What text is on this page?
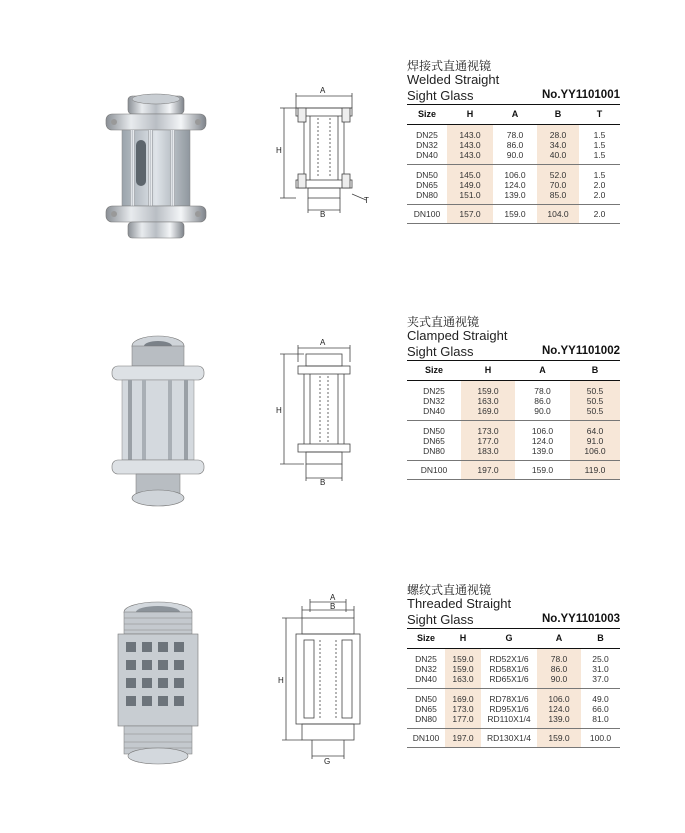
A
H
B
T
焊接式直通视镜
Welded Straight
Sight Glass	No.YY1101001
Size	H	A	B	T
DN25	143.0	78.0	28.0	1.5
DN32	143.0	86.0	34.0	1.5
DN40	143.0	90.0	40.0	1.5
DN50	145.0	106.0	52.0	1.5
DN65	149.0	124.0	70.0	2.0
DN80	151.0	139.0	85.0	2.0
DN100	157.0	159.0	104.0	2.0
A
H
B
夹式直通视镜
Clamped Straight
Sight Glass	No.YY1101002
Size	H	A	B
DN25	159.0	78.0	50.5
DN32	163.0	86.0	50.5
DN40	169.0	90.0	50.5
DN50	173.0	106.0	64.0
DN65	177.0	124.0	91.0
DN80	183.0	139.0	106.0
DN100	197.0	159.0	119.0
A
B
H
G
螺纹式直通视镜
Threaded Straight
Sight Glass	No.YY1101003
Size	H	G	A	B
DN25	159.0	RD52X1/6	78.0	25.0
DN32	159.0	RD58X1/6	86.0	31.0
DN40	163.0	RD65X1/6	90.0	37.0
DN50	169.0	RD78X1/6	106.0	49.0
DN65	173.0	RD95X1/6	124.0	66.0
DN80	177.0	RD110X1/4	139.0	81.0
DN100	197.0	RD130X1/4	159.0	100.0
